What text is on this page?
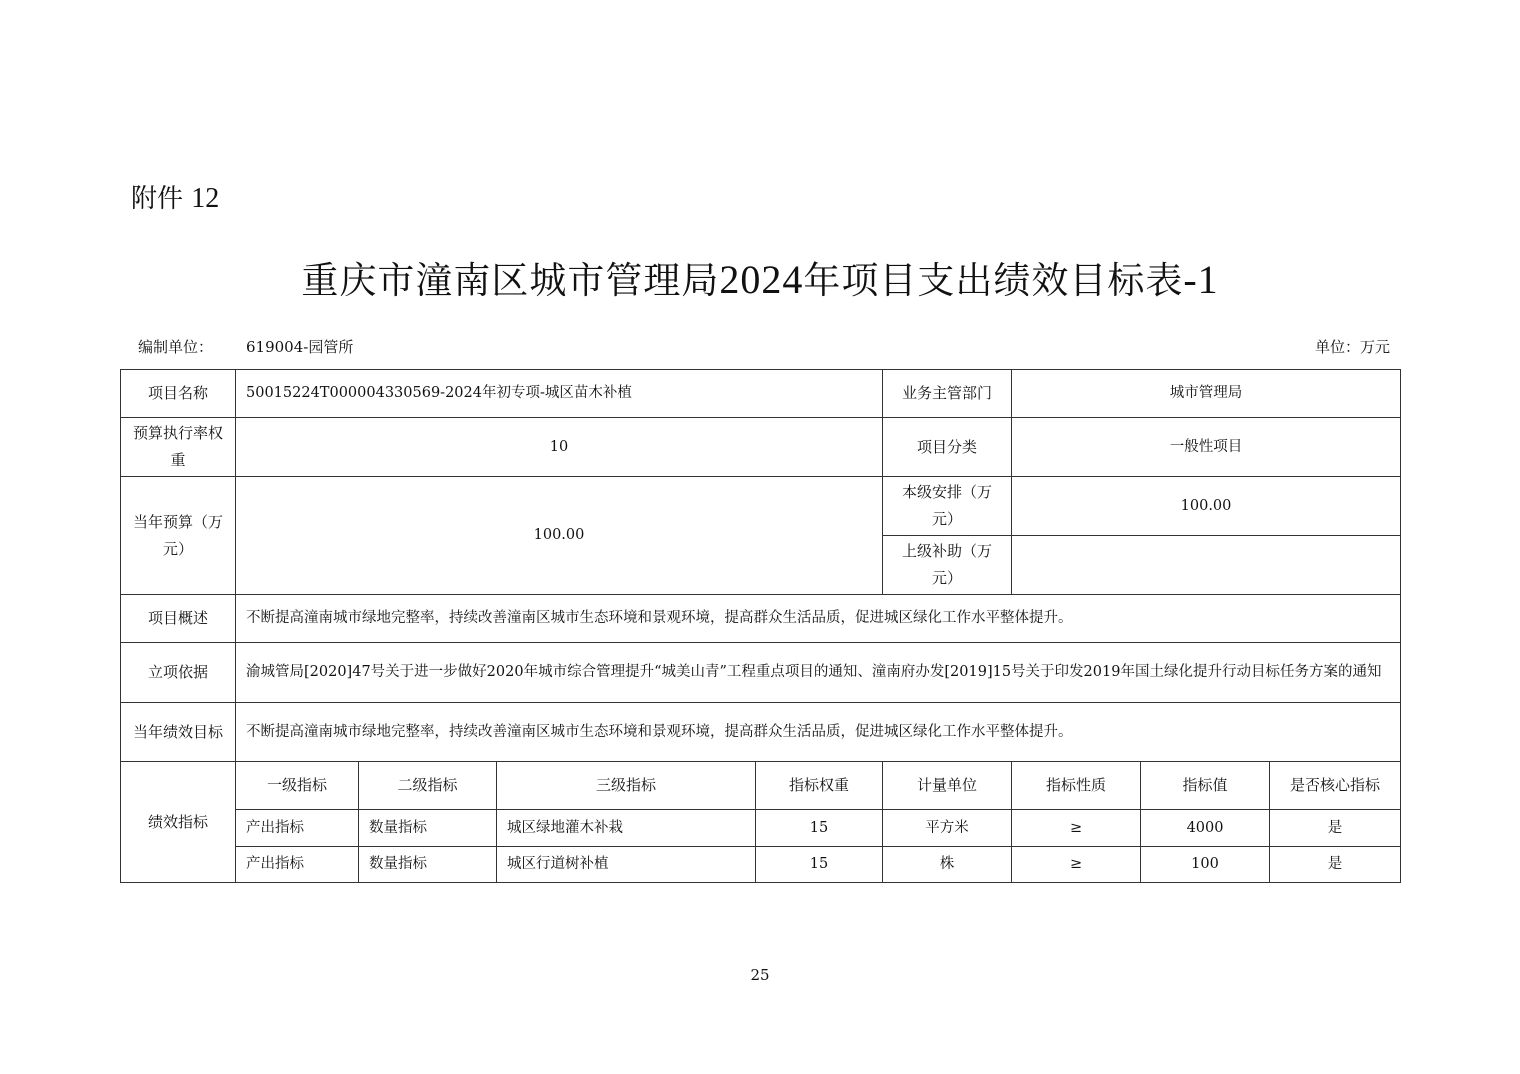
附件 12
重庆市潼南区城市管理局2024年项目支出绩效目标表-1
编制单位： 619004-园管所	单位：万元
项目名称	50015224T000004330569-2024年初专项-城区苗木补植				业务主管部门	城市管理局		
预算执行率权重	10				项目分类	一般性项目		
当年预算（万元）	100.00				本级安排（万元）	100.00		
					上级补助（万元）			
项目概述	不断提高潼南城市绿地完整率，持续改善潼南区城市生态环境和景观环境，提高群众生活品质，促进城区绿化工作水平整体提升。							
立项依据	渝城管局[2020]47号关于进一步做好2020年城市综合管理提升“城美山青”工程重点项目的通知、潼南府办发[2019]15号关于印发2019年国土绿化提升行动目标任务方案的通知							
当年绩效目标	不断提高潼南城市绿地完整率，持续改善潼南区城市生态环境和景观环境，提高群众生活品质，促进城区绿化工作水平整体提升。							
绩效指标	一级指标	二级指标	三级指标	指标权重	计量单位	指标性质	指标值	是否核心指标
	产出指标	数量指标	城区绿地灌木补栽	15	平方米	≥	4000	是
	产出指标	数量指标	城区行道树补植	15	株	≥	100	是
25
